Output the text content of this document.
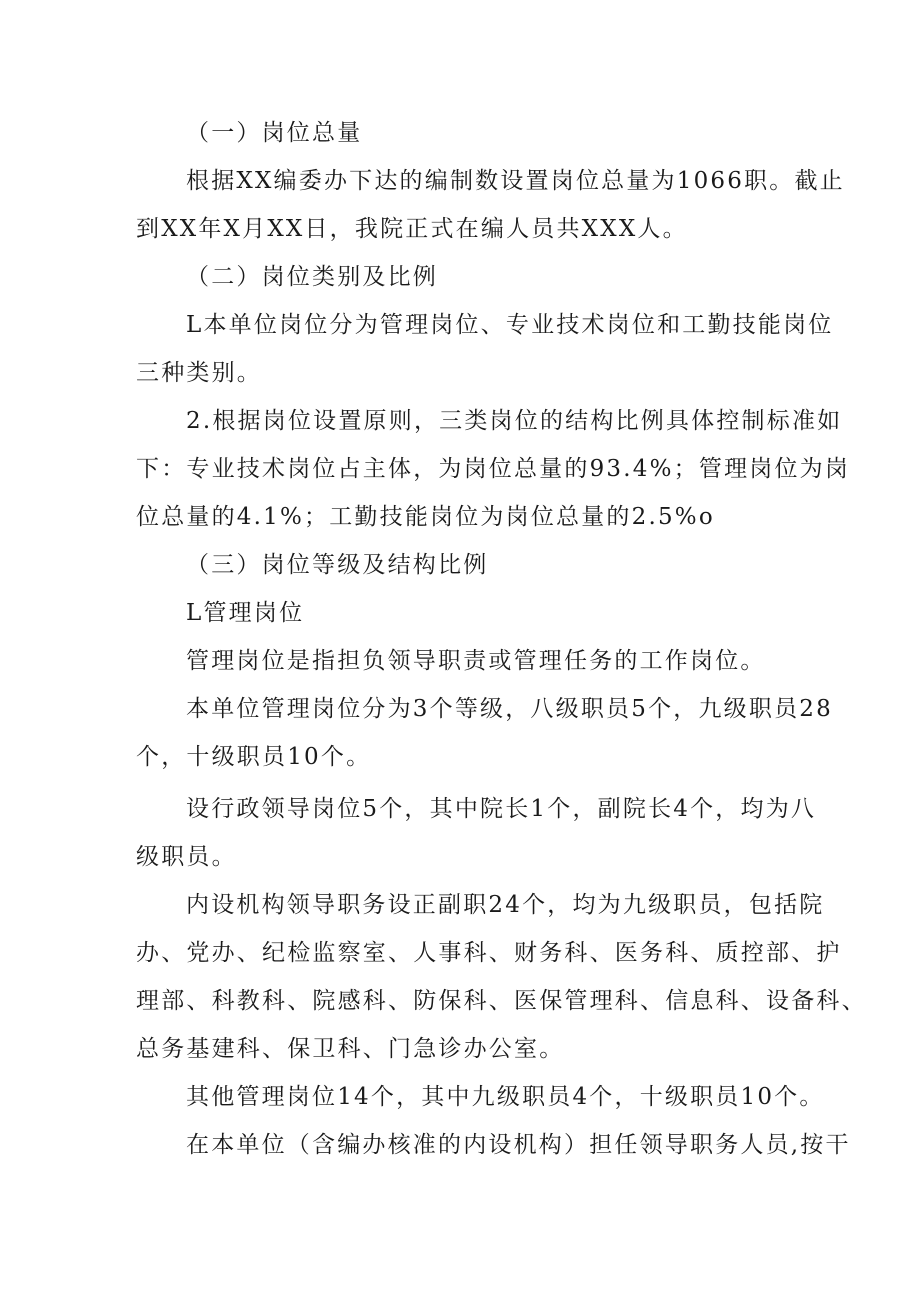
（一）岗位总量
根据XX编委办下达的编制数设置岗位总量为1066职。截止
到XX年X月XX日，我院正式在编人员共XXX人。
（二）岗位类别及比例
L本单位岗位分为管理岗位、专业技术岗位和工勤技能岗位
三种类别。
2.根据岗位设置原则，三类岗位的结构比例具体控制标准如
下：专业技术岗位占主体，为岗位总量的93.4%；管理岗位为岗
位总量的4.1%；工勤技能岗位为岗位总量的2.5%o
（三）岗位等级及结构比例
L管理岗位
管理岗位是指担负领导职责或管理任务的工作岗位。
本单位管理岗位分为3个等级，八级职员5个，九级职员28
个，十级职员10个。
设行政领导岗位5个，其中院长1个，副院长4个，均为八
级职员。
内设机构领导职务设正副职24个，均为九级职员，包括院
办、党办、纪检监察室、人事科、财务科、医务科、质控部、护
理部、科教科、院感科、防保科、医保管理科、信息科、设备科、
总务基建科、保卫科、门急诊办公室。
其他管理岗位14个，其中九级职员4个，十级职员10个。
在本单位（含编办核准的内设机构）担任领导职务人员,按干
